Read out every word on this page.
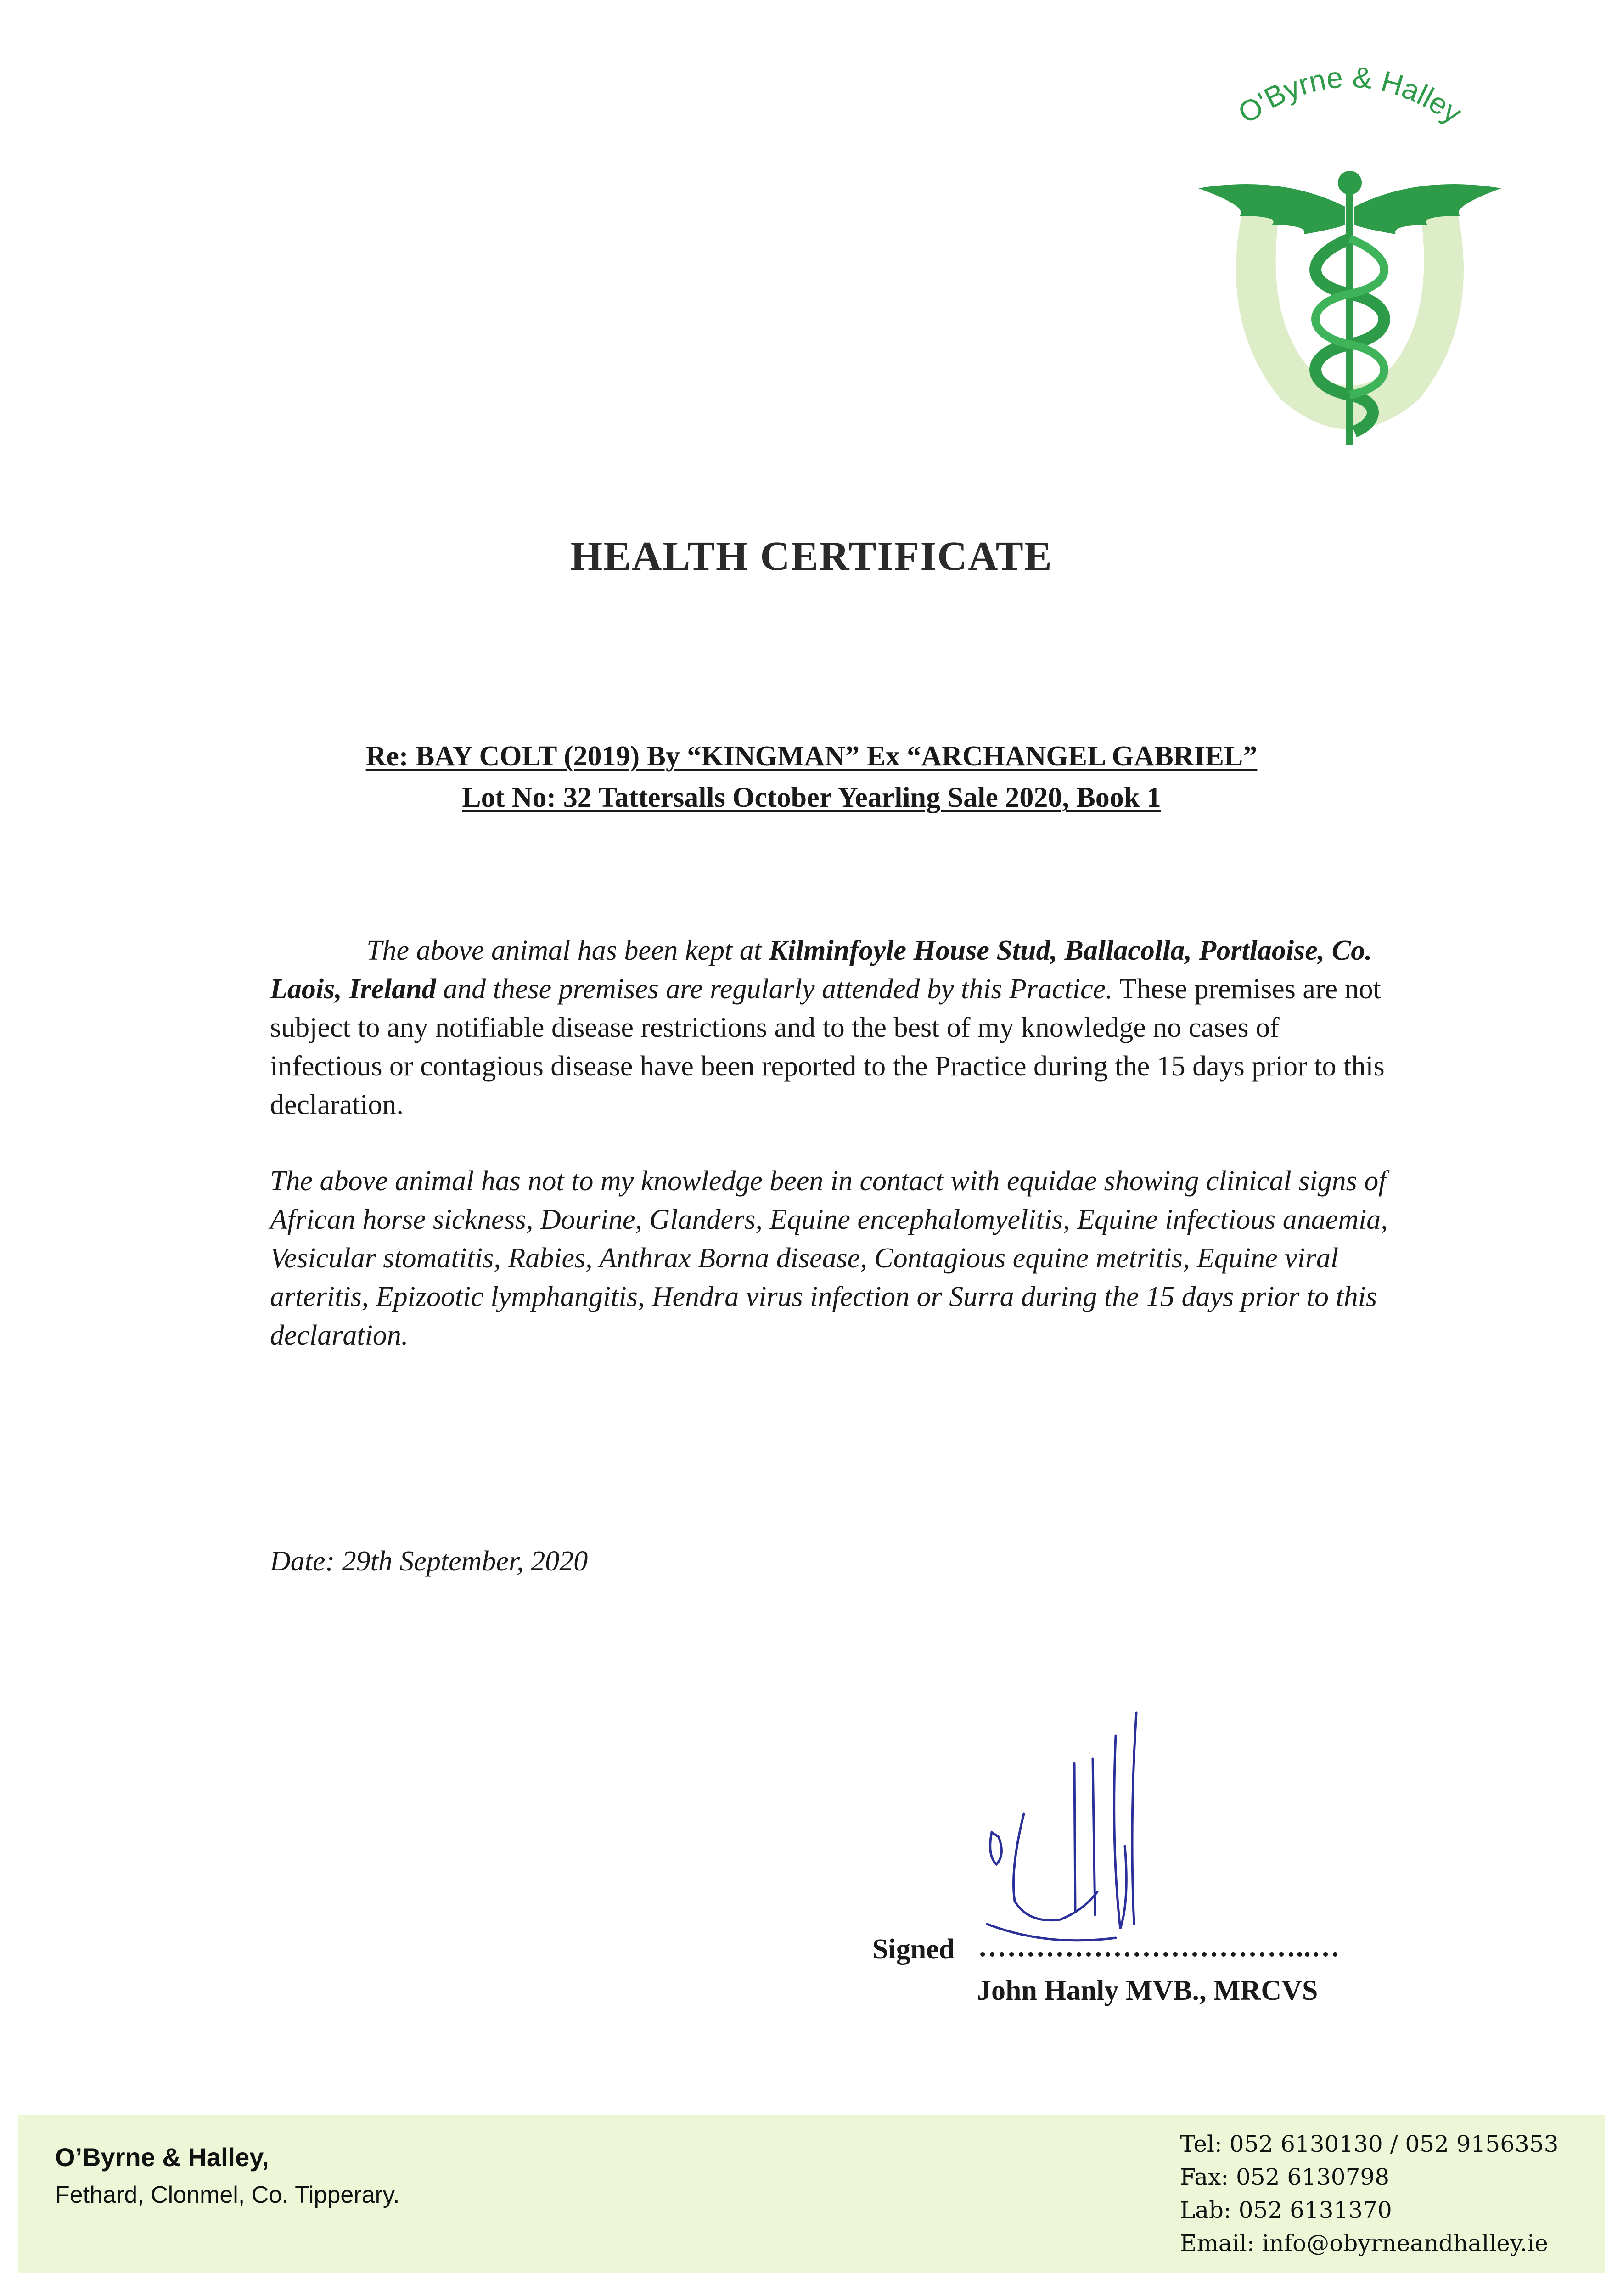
O'Byrne & Halley
HEALTH CERTIFICATE
Re: BAY COLT (2019) By “KINGMAN” Ex “ARCHANGEL GABRIEL”
Lot No: 32 Tattersalls October Yearling Sale 2020, Book 1
The above animal has been kept at Kilminfoyle House Stud, Ballacolla, Portlaoise, Co. Laois, Ireland and these premises are regularly attended by this Practice. These premises are not subject to any notifiable disease restrictions and to the best of my knowledge no cases of infectious or contagious disease have been reported to the Practice during the 15 days prior to this declaration.
The above animal has not to my knowledge been in contact with equidae showing clinical signs of African horse sickness, Dourine, Glanders, Equine encephalomyelitis, Equine infectious anaemia, Vesicular stomatitis, Rabies, Anthrax Borna disease, Contagious equine metritis, Equine viral arteritis, Epizootic lymphangitis, Hendra virus infection or Surra during the 15 days prior to this declaration.
Date: 29th September, 2020
Signed ……………………………..…
John Hanly MVB., MRCVS
O’Byrne & Halley,
Fethard, Clonmel, Co. Tipperary.
Tel: 052 6130130 / 052 9156353
Fax: 052 6130798
Lab: 052 6131370
Email: info@obyrneandhalley.ie
